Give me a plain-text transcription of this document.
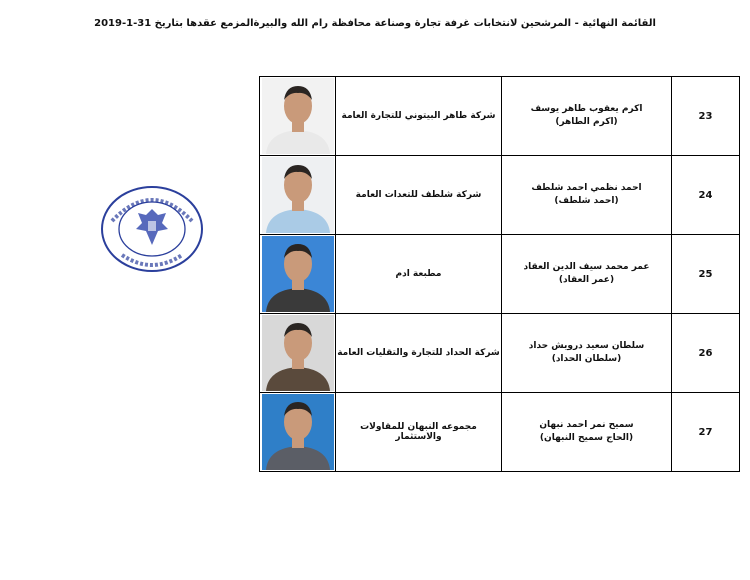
القائمة النهائية - المرشحين لانتخابات غرفة تجارة وصناعة محافظة رام الله والبيرةالمزمع عقدها بتاريخ 31-1-2019
	شركة طاهر البيتوني للتجارة العامة	اكرم يعقوب طاهر يوسف
(اكرم الطاهر)	23

	شركة شلطف للتعدات العامة	احمد نظمي احمد شلطف
(احمد شلطف)	24

	مطبعة ادم	عمر محمد سيف الدين العقاد
(عمر العقاد)	25

	شركة الحداد للتجارة والتقليات العامة	سلطان سعيد درويش حداد
(سلطان الحداد)	26

	مجموعه النبهان للمقاولات والاستثمار	سميح نمر احمد نبهان
(الحاج سميح النبهان)	27
